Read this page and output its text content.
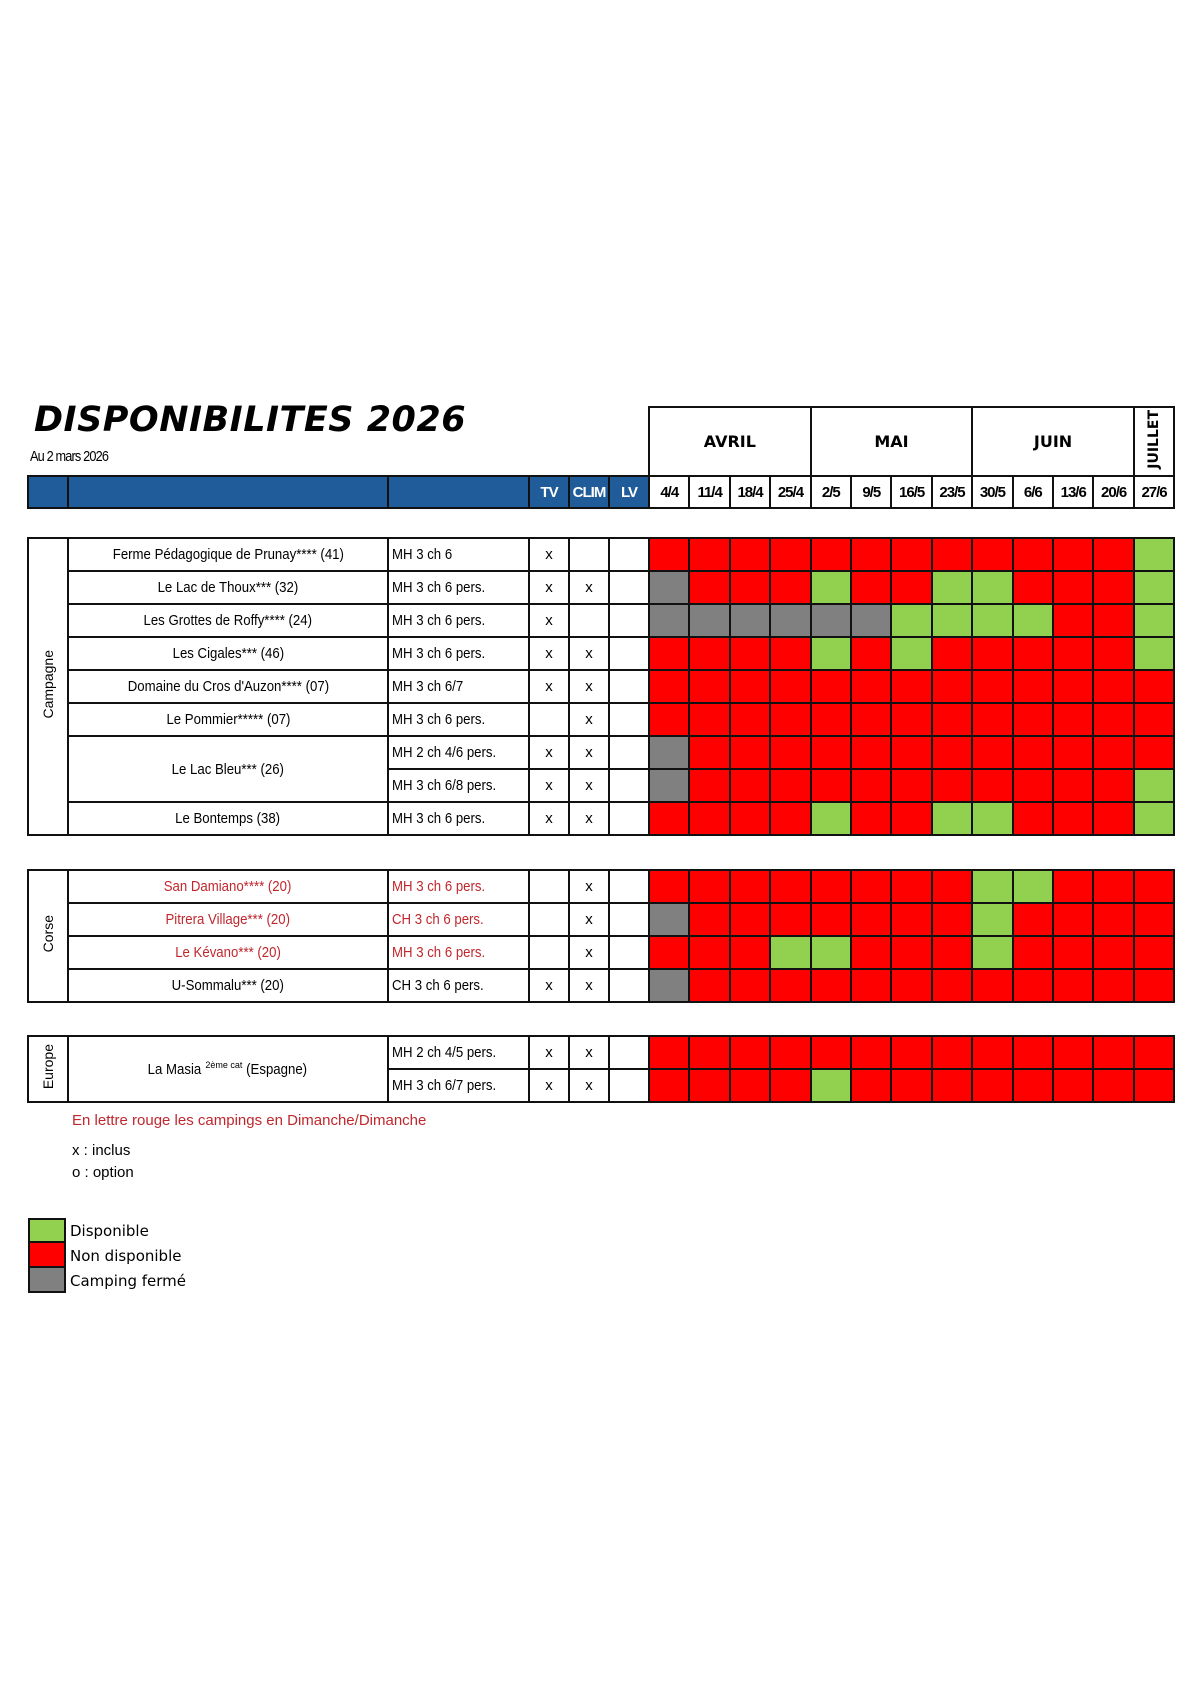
DISPONIBILITES 2026
Au 2 mars 2026
						AVRIL				MAI				JUIN				JUILLET
			TV	CLIM	LV	4/4	11/4	18/4	25/4	2/5	9/5	16/5	23/5	30/5	6/6	13/6	20/6	27/6
Campagne	Ferme Pédagogique de Prunay**** (41)	MH 3 ch 6	x															
	Le Lac de Thoux*** (32)	MH 3 ch 6 pers.	x	x														
	Les Grottes de Roffy**** (24)	MH 3 ch 6 pers.	x															
	Les Cigales*** (46)	MH 3 ch 6 pers.	x	x														
	Domaine du Cros d'Auzon**** (07)	MH 3 ch 6/7	x	x														
	Le Pommier***** (07)	MH 3 ch 6 pers.		x														
	Le Lac Bleu*** (26)	MH 2 ch 4/6 pers.	x	x														
		MH 3 ch 6/8 pers.	x	x														
	Le Bontemps (38)	MH 3 ch 6 pers.	x	x														
Corse	San Damiano**** (20)	MH 3 ch 6 pers.		x														
	Pitrera Village*** (20)	CH 3 ch 6 pers.		x														
	Le Kévano*** (20)	MH 3 ch 6 pers.		x														
	U-Sommalu*** (20)	CH 3 ch 6 pers.	x	x														
Europe	La Masia $^{2ème cat}$(Espagne)	MH 2 ch 4/5 pers.	x	x														
		MH 3 ch 6/7 pers.	x	x														
En lettre rouge les campings en Dimanche/Dimanche
x : inclus
o : option
Disponible
Non disponible
Camping fermé
